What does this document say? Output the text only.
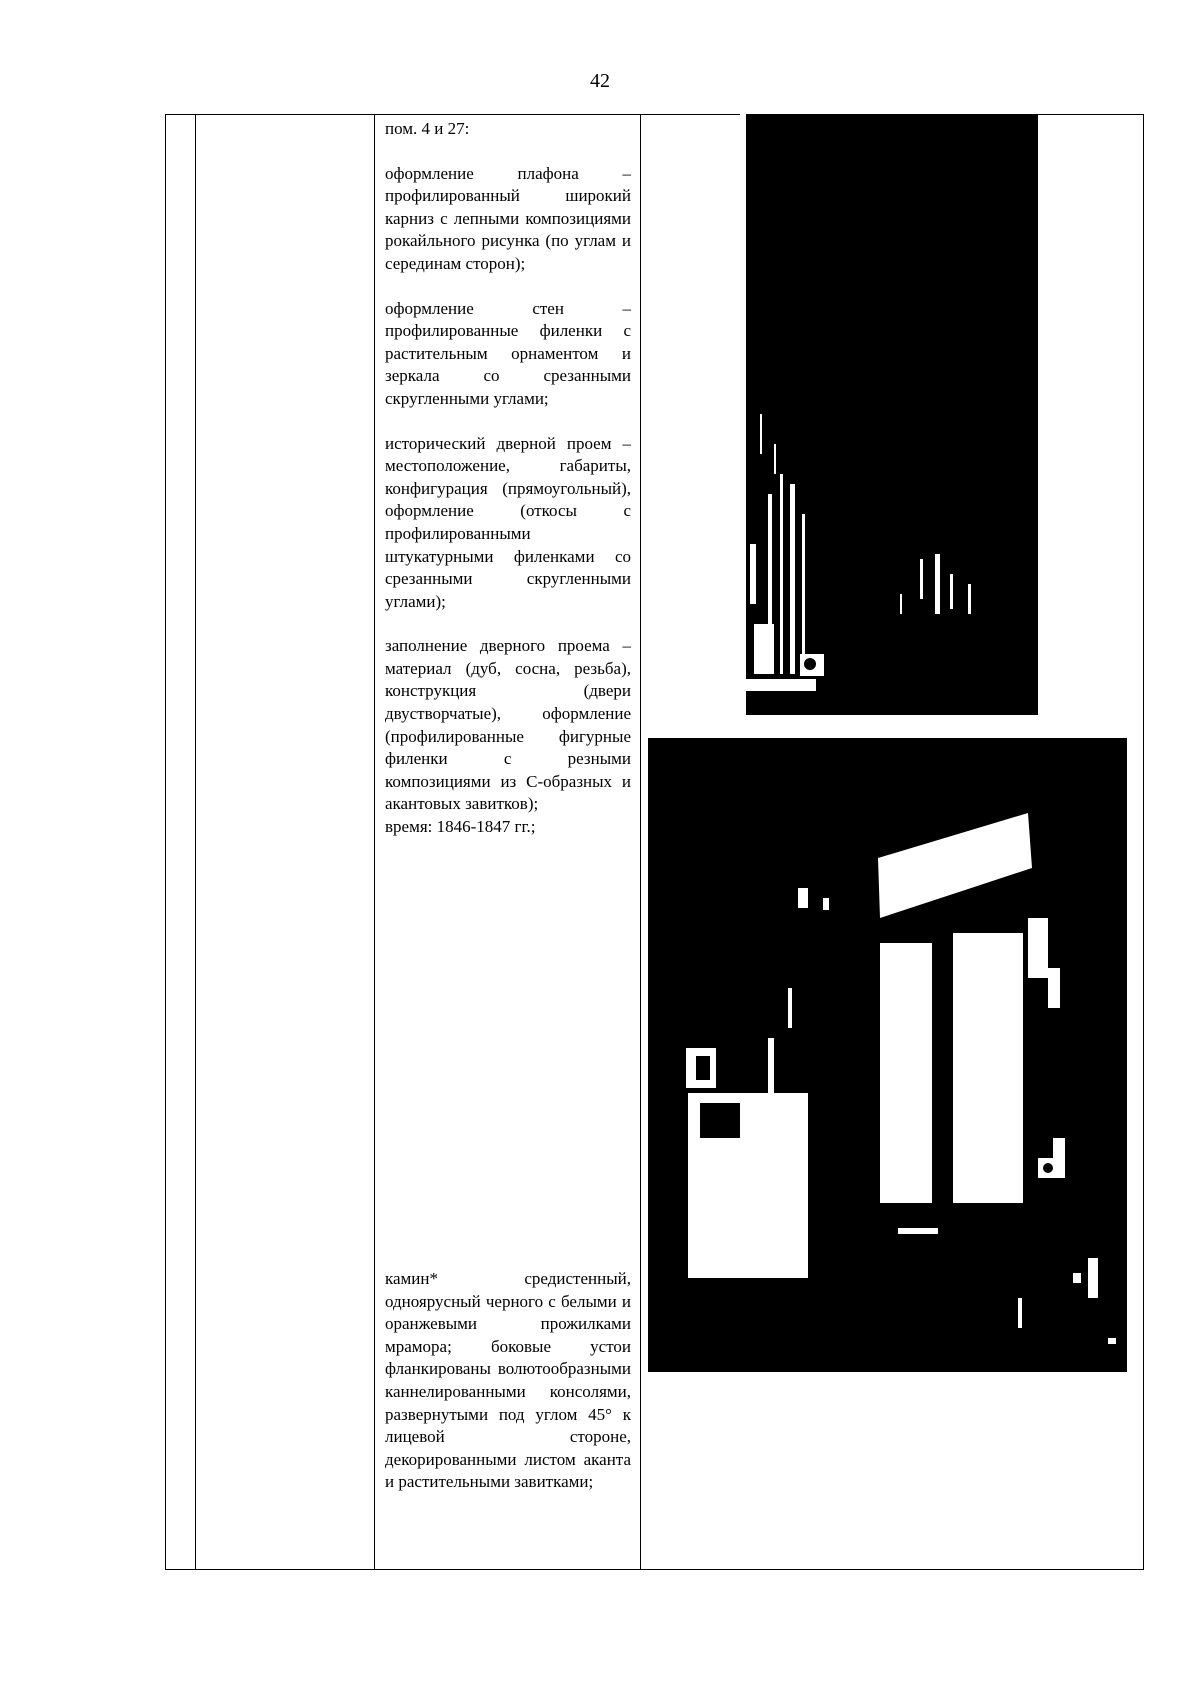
42

пом. 4 и 27:

оформление плафона – профилированный широкий карниз с лепными композициями рокайльного рисунка (по углам и серединам сторон);

оформление стен – профилированные филенки с растительным орнаментом и зеркала со срезанными скругленными углами;

исторический дверной проем – местоположение, габариты, конфигурация (прямоугольный), оформление (откосы с профилированными штукатурными филенками со срезанными скругленными углами);

заполнение дверного проема – материал (дуб, сосна, резьба), конструкция (двери двустворчатые), оформление (профилированные фигурные филенки с резными композициями из С-образных и акантовых завитков);

время: 1846-1847 гг.;

камин* средистенный, одноярусный черного с белыми и оранжевыми прожилками мрамора; боковые устои фланкированы волютообразными каннелированными консолями, развернутыми под углом 45° к лицевой стороне, декорированными листом аканта и растительными завитками;
